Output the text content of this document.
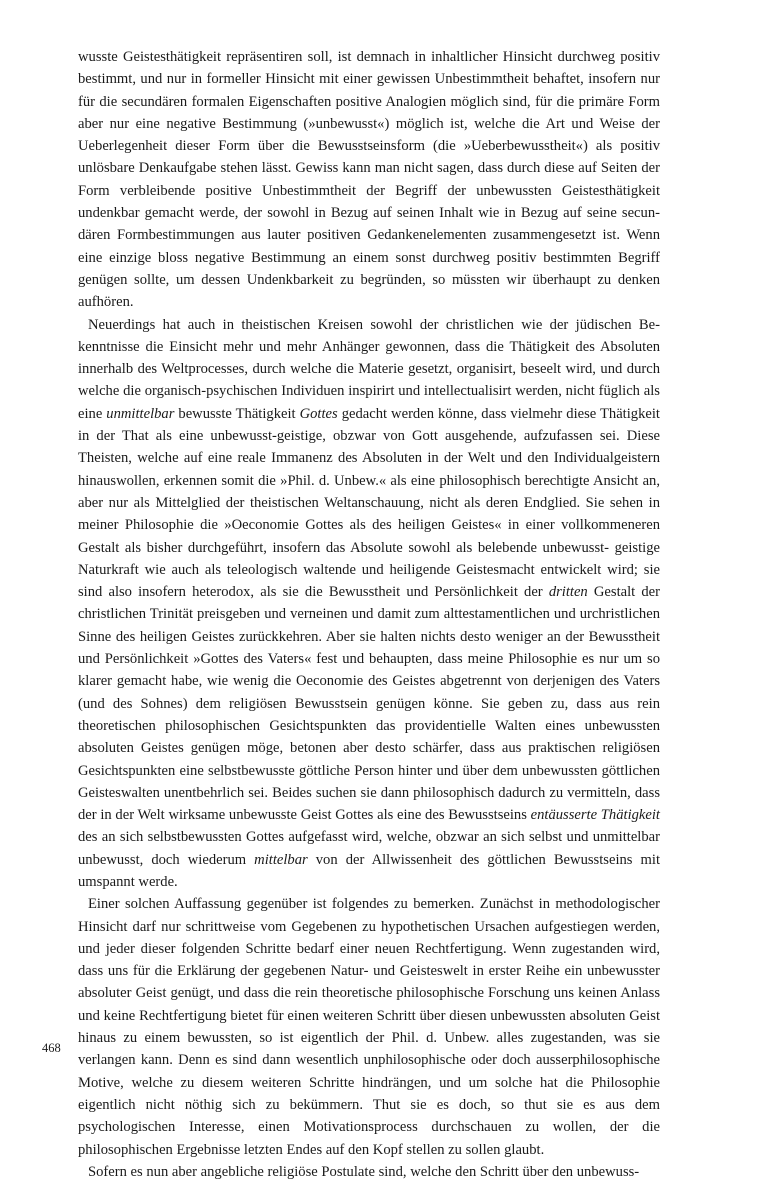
wusste Geistesthätigkeit repräsentiren soll, ist demnach in inhaltlicher Hinsicht durchweg positiv bestimmt, und nur in formeller Hinsicht mit einer gewissen Unbestimmtheit behaftet, insofern nur für die secundären formalen Eigenschaften positive Analogien möglich sind, für die primäre Form aber nur eine negative Bestimmung (»unbewusst«) möglich ist, welche die Art und Weise der Ueberlegenheit dieser Form über die Bewusstseinsform (die »Ueberbewusstheit«) als positiv unlösbare Denkaufgabe stehen lässt. Gewiss kann man nicht sagen, dass durch diese auf Seiten der Form verbleibende positive Unbestimmtheit der Begriff der unbewussten Geistesthätigkeit undenkbar gemacht werde, der sowohl in Bezug auf seinen Inhalt wie in Bezug auf seine secundären Formbestimmungen aus lauter positiven Gedankenelementen zusammengesetzt ist. Wenn eine einzige bloss negative Bestimmung an einem sonst durchweg positiv bestimmten Begriff genügen sollte, um dessen Undenkbarkeit zu begründen, so müssten wir überhaupt zu denken aufhören.

Neuerdings hat auch in theistischen Kreisen sowohl der christlichen wie der jüdischen Bekenntnisse die Einsicht mehr und mehr Anhänger gewonnen, dass die Thätigkeit des Absoluten innerhalb des Weltprocesses, durch welche die Materie gesetzt, organisirt, beseelt wird, und durch welche die organisch-psychischen Individuen inspirirt und intellectualisirt werden, nicht füglich als eine unmittelbar bewusste Thätigkeit Gottes gedacht werden könne, dass vielmehr diese Thätigkeit in der That als eine unbewusst-geistige, obzwar von Gott ausgehende, aufzufassen sei. Diese Theisten, welche auf eine reale Immanenz des Absoluten in der Welt und den Individualgeistern hinauswollen, erkennen somit die »Phil. d. Unbew.« als eine philosophisch berechtigte Ansicht an, aber nur als Mittelglied der theistischen Weltanschauung, nicht als deren Endglied. Sie sehen in meiner Philosophie die »Oeconomie Gottes als des heiligen Geistes« in einer vollkommeneren Gestalt als bisher durchgeführt, insofern das Absolute sowohl als belebende unbewusst- geistige Naturkraft wie auch als teleologisch waltende und heiligende Geistesmacht entwickelt wird; sie sind also insofern heterodox, als sie die Bewusstheit und Persönlichkeit der dritten Gestalt der christlichen Trinität preisgeben und verneinen und damit zum alttestamentlichen und urchristlichen Sinne des heiligen Geistes zurückkehren. Aber sie halten nichts desto weniger an der Bewusstheit und Persönlichkeit »Gottes des Vaters« fest und behaupten, dass meine Philosophie es nur um so klarer gemacht habe, wie wenig die Oeconomie des Geistes abgetrennt von derjenigen des Vaters (und des Sohnes) dem religiösen Bewusstsein genügen könne. Sie geben zu, dass aus rein theoretischen philosophischen Gesichtspunkten das providentielle Walten eines unbewussten absoluten Geistes genügen möge, betonen aber desto schärfer, dass aus praktischen religiösen Gesichtspunkten eine selbstbewusste göttliche Person hinter und über dem unbewussten göttlichen Geisteswalten unentbehrlich sei. Beides suchen sie dann philosophisch dadurch zu vermitteln, dass der in der Welt wirksame unbewusste Geist Gottes als eine des Bewusstseins entäusserte Thätigkeit des an sich selbstbewussten Gottes aufgefasst wird, welche, obzwar an sich selbst und unmittelbar unbewusst, doch wiederum mittelbar von der Allwissenheit des göttlichen Bewusstseins mit umspannt werde.

Einer solchen Auffassung gegenüber ist folgendes zu bemerken. Zunächst in methodologischer Hinsicht darf nur schrittweise vom Gegebenen zu hypothetischen Ursachen aufgestiegen werden, und jeder dieser folgenden Schritte bedarf einer neuen Rechtfertigung. Wenn zugestanden wird, dass uns für die Erklärung der gegebenen Natur- und Geisteswelt in erster Reihe ein unbewusster absoluter Geist genügt, und dass die rein theoretische philosophische Forschung uns keinen Anlass und keine Rechtfertigung bietet für einen weiteren Schritt über diesen unbewussten absoluten Geist hinaus zu einem bewussten, so ist eigentlich der Phil. d. Unbew. alles zugestanden, was sie verlangen kann. Denn es sind dann wesentlich unphilosophische oder doch ausserphilosophische Motive, welche zu diesem weiteren Schritte hindrängen, und um solche hat die Philosophie eigentlich nicht nöthig sich zu bekümmern. Thut sie es doch, so thut sie es aus dem psychologischen Interesse, einen Motivationsprocess durchschauen zu wollen, der die philosophischen Ergebnisse letzten Endes auf den Kopf stellen zu sollen glaubt.

Sofern es nun aber angebliche religiöse Postulate sind, welche den Schritt über den unbewuss-

468
